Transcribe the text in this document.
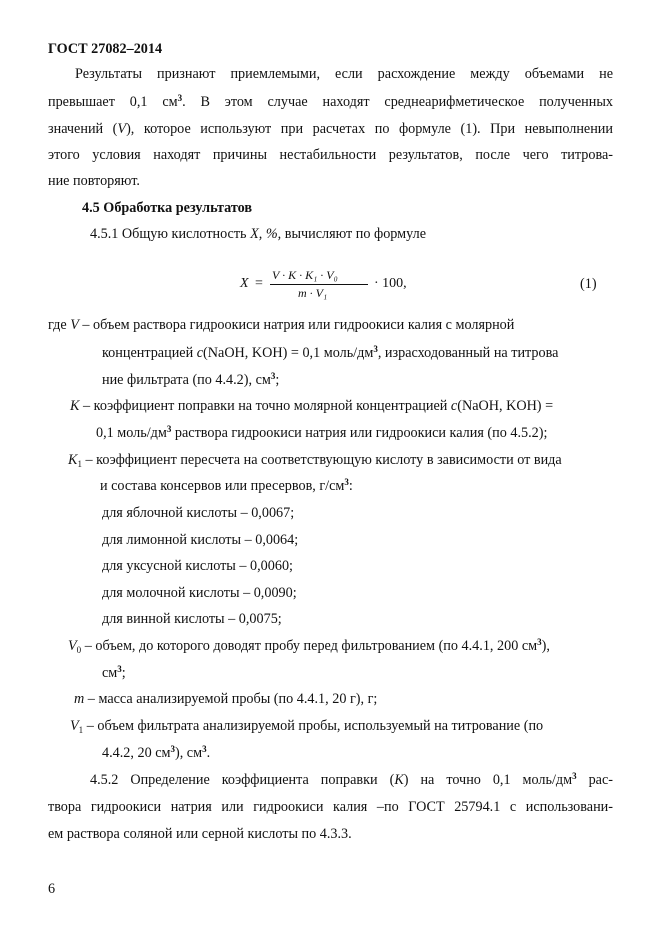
ГОСТ 27082–2014
Результаты признают приемлемыми, если расхождение между объемами не
превышает 0,1 $см^3$. В этом случае находят среднеарифметическое полученных
значений (V), которое используют при расчетах по формуле (1). При невыполнении
этого условия находят причины нестабильности результатов, после чего титрова-
ние повторяют.
4.5 Обработка результатов
4.5.1 Общую кислотность X, %, вычисляют по формуле
X =
V · K · K₁ · V₀
m · V₁
· 100,	(1)
где V – объем раствора гидроокиси натрия или гидроокиси калия с молярной
концентрацией с(NaOH, KOH) = 0,1 моль/$дм^3$, израсходованный на титрова
ние фильтрата (по 4.4.2), $см^3$;
K – коэффициент поправки на точно молярной концентрацией с(NaOH, KOH) =
0,1 моль/$дм^3$ раствора гидроокиси натрия или гидроокиси калия (по 4.5.2);
$K_1$ – коэффициент пересчета на соответствующую кислоту в зависимости от вида
и состава консервов или пресервов, $г/см^3$:
для яблочной кислоты – 0,0067;
для лимонной кислоты – 0,0064;
для уксусной кислоты – 0,0060;
для молочной кислоты – 0,0090;
для винной кислоты – 0,0075;
$V_0$ – объем, до которого доводят пробу перед фильтрованием (по 4.4.1, 200 $см^3$),
$см^3$;
m – масса анализируемой пробы (по 4.4.1, 20 г), г;
$V_1$ – объем фильтрата анализируемой пробы, используемый на титрование (по
4.4.2, 20 $см^3$), $см^3$.
4.5.2 Определение коэффициента поправки (K) на точно 0,1 моль/$дм^3$ рас-
твора гидроокиси натрия или гидроокиси калия –по ГОСТ 25794.1 с использовани-
ем раствора соляной или серной кислоты по 4.3.3.
6
